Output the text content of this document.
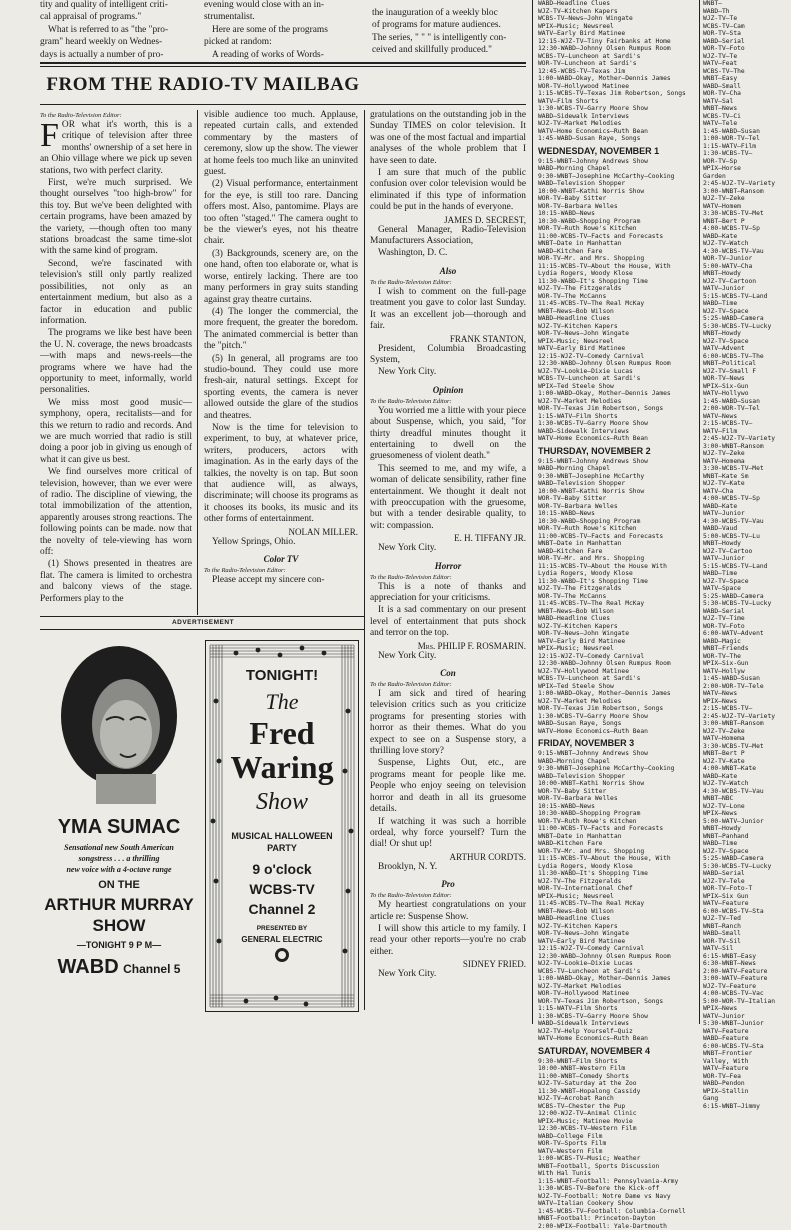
tity and quality of intelligent criti-

cal appraisal of programs."

What is referred to as "the "pro-

gram" heard weekly on Wednes-

days is actually a number of pro-

evening would close with an in-

strumentalist.

Here are some of the programs

picked at random:

A reading of works of Words-

the inauguration of a weekly bloc

of programs for mature audiences.

The series, " " " is intelligently con-

ceived and skillfully produced."

FROM THE RADIO-TV MAILBAG
To the Radio-Television Editor:
F OR what it's worth, this is a critique of television after three months' ownership of a set here in an Ohio village where we pick up seven stations, two with perfect clarity.

First, we're much surprised. We thought ourselves "too high-brow" for this toy. But we've been delighted with certain programs, have been amazed by the variety, —though often too many stations broadcast the same time-slot with the same kind of program.

Second, we're fascinated with television's still only partly realized possibilities, not only as an entertainment medium, but also as a factor in education and public information.

The programs we like best have been the U. N. coverage, the news broadcasts—with maps and news-reels—the programs where we have had the opportunity to meet, informally, world personalities.

We miss most good music—symphony, opera, recitalists—and for this we return to radio and records. And we are much worried that radio is still doing a poor job in giving us enough of what it can give us best.

We find ourselves more critical of television, however, than we ever were of radio. The discipline of viewing, the total immobilization of the attention, apparently arouses strong reactions. The following points can be made. now that the novelty of tele-viewing has worn off:

(1) Shows presented in theatres are flat. The camera is limited to orchestra and balcony views of the stage. Performers play to the

visible audience too much. Applause, repeated curtain calls, and extended commentary by the masters of ceremony, slow up the show. The viewer at home feels too much like an uninvited guest.

(2) Visual performance, entertainment for the eye, is still too rare. Dancing offers most. Also, pantomime. Plays are too often "staged." The camera ought to be the viewer's eyes, not his theatre chair.

(3) Backgrounds, scenery are, on the one hand, often too elaborate or, what is worse, entirely lacking. There are too many performers in gray suits standing against gray theatre curtains.

(4) The longer the commercial, the more frequent, the greater the boredom. The animated commercial is better than the "pitch."

(5) In general, all programs are too studio-bound. They could use more fresh-air, natural settings. Except for sporting events, the camera is never allowed outside the glare of the studios and theatres.

Now is the time for television to experiment, to buy, at whatever price, writers, producers, actors with imagination. As in the early days of the talkies, the novelty is on tap. But soon that audience will, as always, discriminate; will choose its programs as it chooses its books, its music and its other forms of entertainment.

NOLAN MILLER.

Yellow Springs, Ohio.

Color TV
To the Radio-Television Editor:

Please accept my sincere con-

gratulations on the outstanding job in the Sunday TIMES on color television. It was one of the most factual and impartial analyses of the whole problem that I have seen to date.

I am sure that much of the public confusion over color television would be eliminated if this type of information could be put in the hands of everyone.

JAMES D. SECREST,

General Manager, Radio-Television Manufacturers Association,

Washington, D. C.

Also
To the Radio-Television Editor:

I wish to comment on the full-page treatment you gave to color last Sunday. It was an excellent job—thorough and fair.

FRANK STANTON,

President, Columbia Broadcasting System,

New York City.

Opinion
To the Radio-Television Editor:

You worried me a little with your piece about Suspense, which, you said, "for thirty dreadful minutes thought it entertaining to dwell on the gruesomeness of violent death."

This seemed to me, and my wife, a woman of delicate sensibility, rather fine entertainment. We thought it dealt not with preoccupation with the gruesome, but with a tender desirable quality, to wit: compassion.

E. H. TIFFANY JR.

New York City.

Horror
To the Radio-Television Editor:

This is a note of thanks and appreciation for your criticisms.

It is a sad commentary on our present level of entertainment that puts shock and terror on the top.

Mrs. PHILIP F. ROSMARIN.

New York City.

Con
To the Radio-Television Editor:

I am sick and tired of hearing television critics such as you criticize programs for presenting stories with horror as their themes. What do you expect to see on a Suspense story, a thrilling love story?

Suspense, Lights Out, etc., are programs meant for people like me. People who enjoy seeing on television horror and death in all its gruesome details.

If watching it was such a horrible ordeal, why force yourself? Turn the dial! Or shut up!

ARTHUR CORDTS.

Brooklyn, N. Y.

Pro
To the Radio-Television Editor:

My heartiest congratulations on your article re: Suspense Show.

I will show this article to my family. I read your other reports—you're no crab either.

SIDNEY FRIED.

New York City.

ADVERTISEMENT
YMA SUMAC
Sensational new South American
songstress . . . a thrilling
new voice with a 4-octave range
ON THE
ARTHUR MURRAY
SHOW
—TONIGHT 9 P M—
WABD Channel 5
TONIGHT!
The
Fred
Waring
Show
MUSICAL HALLOWEEN
PARTY
9 o'clock
WCBS-TV
Channel 2
PRESENTED BY
GENERAL ELECTRIC
WABD—Headline Clues
WJZ-TV—Kitchen Kapers
WCBS-TV—News—John Wingate
WPIX—Music; Newsreel
WATV—Early Bird Matinee
12:15-WJZ-TV—Tiny Fairbanks at Home
12:30-WABD—Johnny Olsen Rumpus Room
WCBS-TV—Luncheon at Sardi's
WOR-TV—Luncheon at Sardi's
12:45-WCBS-TV—Texas Jim
1:00-WABD—Okay, Mother—Dennis James
WOR-TV—Hollywood Matinee
1:15-WCBS-TV—Texas Jim Robertson, Songs
WATV—Film Shorts
1:30-WCBS-TV—Garry Moore Show
WABD—Sidewalk Interviews
WJZ-TV—Market Melodies
WATV—Home Economics—Ruth Bean
1:45-WABD—Susan Raye, Songs
WEDNESDAY, NOVEMBER 1
9:15-WNBT—Johnny Andrews Show
WABD—Morning Chapel
9:30-WNBT—Josephine McCarthy—Cooking
WABD—Television Shopper
10:00-WNBT—Kathi Norris Show
WOR-TV—Baby Sitter
WOR-TV—Barbara Welles
10:15-WABD—News
10:30-WABD—Shopping Program
WOR-TV—Ruth Rowe's Kitchen
11:00-WCBS-TV—Facts and Forecasts
WNBT—Date in Manhattan
WABD—Kitchen Fare
WOR-TV—Mr. and Mrs. Shopping
11:15-WCBS-TV—About the House, With
Lydia Rogers, Woody Klose
11:30-WABD—It's Shopping Time
WJZ-TV—The Fitzgeralds
WOR-TV—The McCanns
11:45-WCBS-TV—The Real McKay
WNBT—News—Bob Wilson
WABD—Headline Clues
WJZ-TV—Kitchen Kapers
WOR-TV—News—John Wingate
WPIX—Music; Newsreel
WATV—Early Bird Matinee
12:15-WJZ-TV—Comedy Carnival
12:30-WABD—Johnny Olsen Rumpus Room
WJZ-TV—Lookie—Dixie Lucas
WCBS-TV—Luncheon at Sardi's
WPIX—Ted Steele Show
1:00-WABD—Okay, Mother—Dennis James
WJZ-TV—Market Melodies
WOR-TV—Texas Jim Robertson, Songs
1:15-WATV—Film Shorts
1:30-WCBS-TV—Garry Moore Show
WABD—Sidewalk Interviews
WATV—Home Economics—Ruth Bean
THURSDAY, NOVEMBER 2
9:15-WNBT—Johnny Andrews Show
WABD—Morning Chapel
9:30-WNBT—Josephine McCarthy
WABD—Television Shopper
10:00-WNBT—Kathi Norris Show
WOR-TV—Baby Sitter
WOR-TV—Barbara Welles
10:15-WABD—News
10:30-WABD—Shopping Program
WOR-TV—Ruth Rowe's Kitchen
11:00-WCBS-TV—Facts and Forecasts
WNBT—Date in Manhattan
WABD—Kitchen Fare
WOR-TV—Mr. and Mrs. Shopping
11:15-WCBS-TV—About the House With
Lydia Rogers, Woody Klose
11:30-WABD—It's Shopping Time
WJZ-TV—The Fitzgeralds
WOR-TV—The McCanns
11:45-WCBS-TV—The Real McKay
WNBT—News—Bob Wilson
WABD—Headline Clues
WJZ-TV—Kitchen Kapers
WOR-TV—News—John Wingate
WATV—Early Bird Matinee
WPIX—Music; Newsreel
12:15-WJZ-TV—Comedy Carnival
12:30-WABD—Johnny Olsen Rumpus Room
WJZ-TV—Hollywood Matinee
WCBS-TV—Luncheon at Sardi's
WPIX—Ted Steele Show
1:00-WABD—Okay, Mother—Dennis James
WJZ-TV—Market Melodies
WOR-TV—Texas Jim Robertson, Songs
1:30-WCBS-TV—Garry Moore Show
WABD—Susan Raye, Songs
WATV—Home Economics—Ruth Bean
FRIDAY, NOVEMBER 3
9:15-WNBT—Johnny Andrews Show
WABD—Morning Chapel
9:30-WNBT—Josephine McCarthy—Cooking
WABD—Television Shopper
10:00-WNBT—Kathi Norris Show
WOR-TV—Baby Sitter
WOR-TV—Barbara Welles
10:15-WABD—News
10:30-WABD—Shopping Program
WOR-TV—Ruth Rowe's Kitchen
11:00-WCBS-TV—Facts and Forecasts
WNBT—Date in Manhattan
WABD—Kitchen Fare
WOR-TV—Mr. and Mrs. Shopping
11:15-WCBS-TV—About the House, With
Lydia Rogers, Woody Klose
11:30-WABD—It's Shopping Time
WJZ-TV—The Fitzgeralds
WOR-TV—International Chef
WPIX—Music; Newsreel
11:45-WCBS-TV—The Real McKay
WNBT—News—Bob Wilson
WABD—Headline Clues
WJZ-TV—Kitchen Kapers
WOR-TV—News—John Wingate
WATV—Early Bird Matinee
12:15-WJZ-TV—Comedy Carnival
12:30-WABD—Johnny Olsen Rumpus Room
WJZ-TV—Lookie—Dixie Lucas
WCBS-TV—Luncheon at Sardi's
1:00-WABD—Okay, Mother—Dennis James
WJZ-TV—Market Melodies
WOR-TV—Hollywood Matinee
WOR-TV—Texas Jim Robertson, Songs
1:15-WATV—Film Shorts
1:30-WCBS-TV—Garry Moore Show
WABD—Sidewalk Interviews
WJZ-TV—Help Yourself—Quiz
WATV—Home Economics—Ruth Bean
SATURDAY, NOVEMBER 4
9:30-WNBT—Film Shorts
10:00-WNBT—Western Film
11:00-WNBT—Comedy Shorts
WJZ-TV—Saturday at the Zoo
11:30-WNBT—Hopalong Cassidy
WJZ-TV—Acrobat Ranch
WCBS-TV—Chester the Pup
12:00-WJZ-TV—Animal Clinic
WPIX—Music; Matinee Movie
12:30-WCBS-TV—Western Film
WABD—College Film
WOR-TV—Sports Film
WATV—Western Film
1:00-WCBS-TV—Music; Weather
WNBT—Football, Sports Discussion
With Hal Tunis
1:15-WNBT—Football: Pennsylvania-Army
1:30-WCBS-TV—Before the Kick-off
WJZ-TV—Football: Notre Dame vs Navy
WATV—Italian Cookery Show
1:45-WCBS-TV—Football: Columbia-Cornell
WNBT—Football: Princeton-Dayton
2:00-WPIX—Football: Yale-Dartmouth
WNBT—
WABD—Th
WJZ-TV—Te
WCBS-TV—Cam
WOR-TV—Sta
WABD—Serial
WOR-TV—Foto
WJZ-TV—Te
WATV—Feat
WCBS-TV—The
WNBT—Easy
WABD—Small
WOR-TV—Cha
WATV—Sal
WNBT—News
WCBS-TV—Ci
WATV—Tele
1:45-WABD—Susan
1:00-WOR-TV—Tel
1:15-WATV—Film
1:30-WCBS-TV—
WOR-TV—Sp
WPIX—Horse
Garden
2:45-WJZ-TV—Variety
3:00-WNBT—Ransom
WJZ-TV—Zeke
WATV—Homem
3:30-WCBS-TV—Met
WNBT—Bert P
4:00-WCBS-TV—Sp
WABD—Kate
WJZ-TV—Watch
4:30-WCBS-TV—Vau
WOR-TV—Junior
5:00-WATV—Cha
WNBT—Howdy
WJZ-TV—Cartoon
WATV—Junior
5:15-WCBS-TV—Land
WABD—Time
WJZ-TV—Space
5:25-WABD—Camera
5:30-WCBS-TV—Lucky
WNBT—Howdy
WJZ-TV—Space
WATV—Advent
6:00-WCBS-TV—The
WNBT—Political
WJZ-TV—Small F
WOR-TV—News
WPIX—Six-Gun
WATV—Hollywo
1:45-WABD—Susan
2:00-WOR-TV—Tel
WATV—News
2:15-WCBS-TV—
WATV—Film
2:45-WJZ-TV—Variety
3:00-WNBT—Ransom
WJZ-TV—Zeke
WATV—Homema
3:30-WCBS-TV—Met
WNBT—Kate Sm
WJZ-TV—Kate
WATV—Cha
4:00-WCBS-TV—Sp
WABD—Kate
WATV—Junior
4:30-WCBS-TV—Vau
WABD—Vaud
5:00-WCBS-TV—Lu
WNBT—Howdy
WJZ-TV—Cartoo
WATV—Junior
5:15-WCBS-TV—Land
WABD—Time
WJZ-TV—Space
WATV—Space
5:25-WABD—Camera
5:30-WCBS-TV—Lucky
WABD—Serial
WJZ-TV—Time
WOR-TV—Foto
6:00-WATV—Advent
WABD—Magic
WNBT—Friends
WOR-TV—The
WPIX—Six-Gun
WATV—Hollyw
1:45-WABD—Susan
2:00-WOR-TV—Tele
WATV—News
WPIX—News
2:15-WCBS-TV—
2:45-WJZ-TV—Variety
3:00-WNBT—Ransom
WJZ-TV—Zeke
WATV—Homema
3:30-WCBS-TV—Met
WNBT—Bert P
WJZ-TV—Kate
4:00-WNBT—Kate
WABD—Kate
WJZ-TV—Watch
4:30-WCBS-TV—Vau
WNBT—NBC
WJZ-TV—Lone
WPIX—News
5:00-WATV—Junior
WNBT—Howdy
WNBT—Panhand
WABD—Time
WJZ-TV—Space
5:25-WABD—Camera
5:30-WCBS-TV—Lucky
WABD—Serial
WJZ-TV—Tele
WOR-TV—Foto-T
WPIX—Six Gun
WATV—Feature
6:00-WCBS-TV—Sta
WJZ-TV—Ted
WNBT—Ranch
WABD—Small
WOR-TV—Sil
WATV—Sil
6:15-WNBT—Easy
6:30-WNBT—News
2:00-WATV—Feature
3:00-WATV—Feature
WJZ-TV—Feature
4:00-WCBS-TV—Vac
5:00-WOR-TV—Italian
WPIX—News
WATV—Junior
5:30-WNBT—Junior
WATV—Feature
WABD—Feature
6:00-WCBS-TV—Sta
WNBT—Frontier
Valley, With
WATV—Feature
WOR-TV—Fea
WABD—Pendon
WPIX—Stallin
Gang
6:15-WNBT—Jimmy
